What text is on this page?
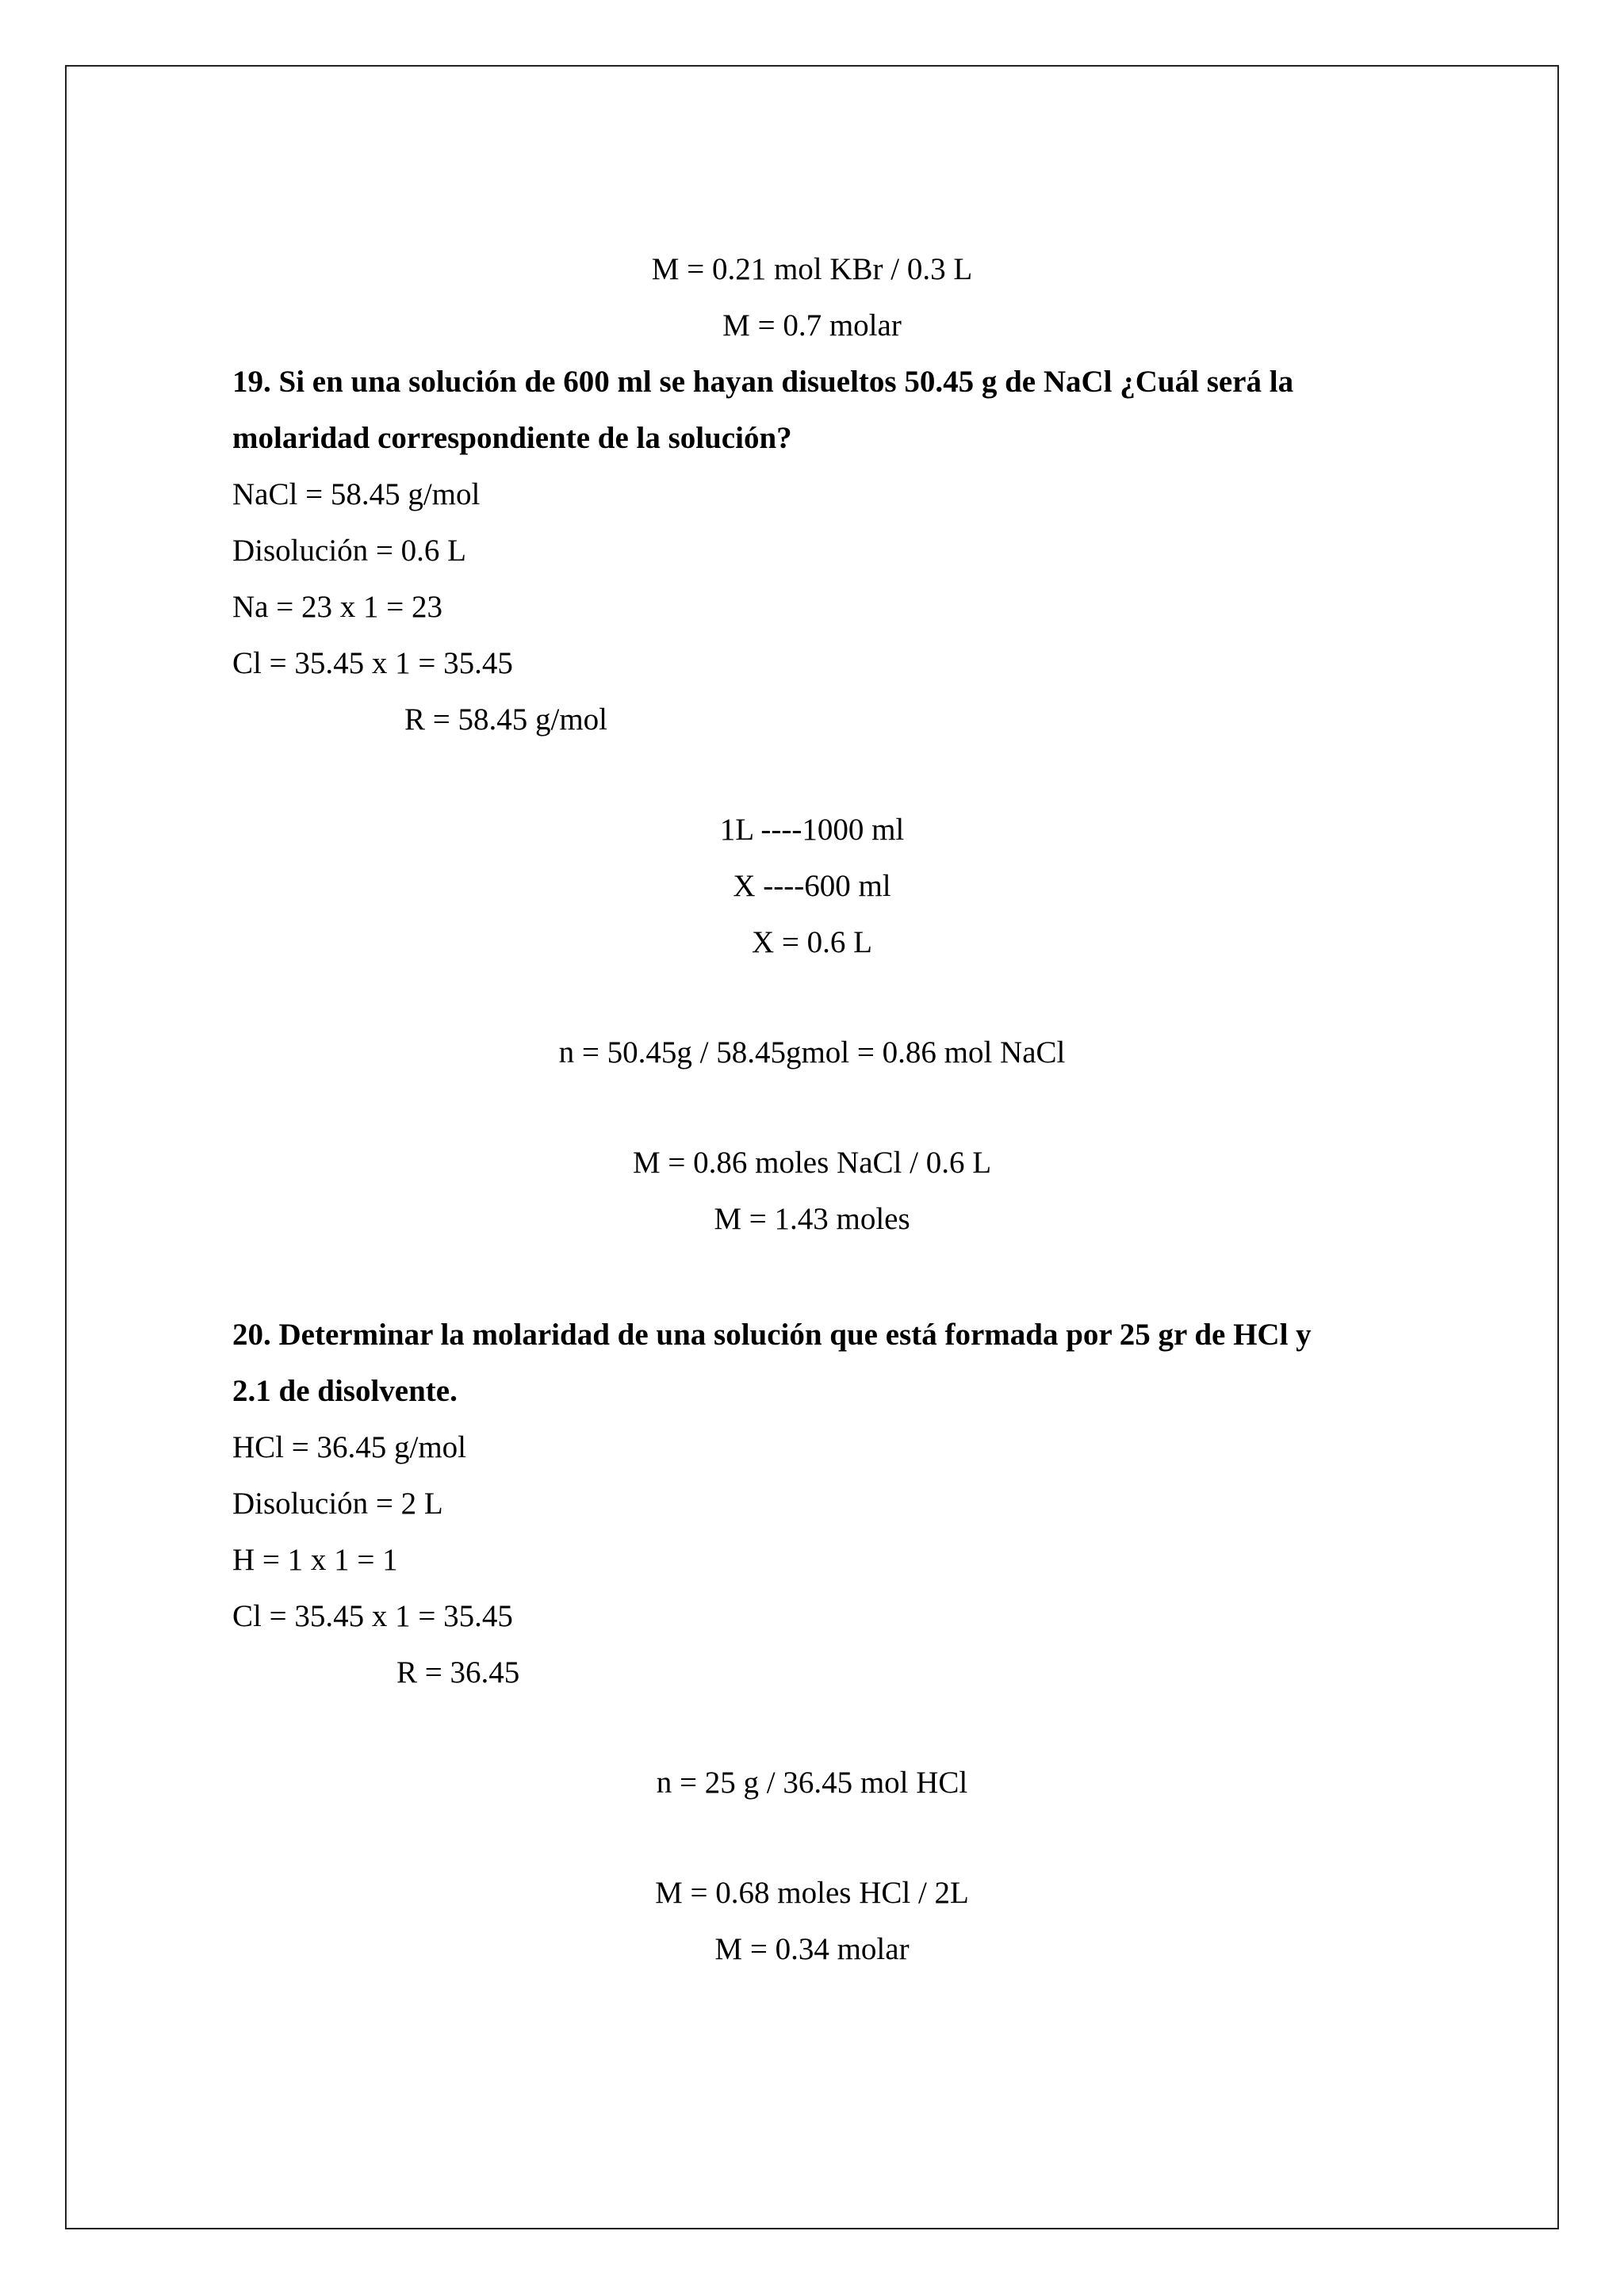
M = 0.21 mol KBr / 0.3 L
M = 0.7 molar
19. Si en una solución de 600 ml se hayan disueltos 50.45 g de NaCl ¿Cuál será la
molaridad correspondiente de la solución?
NaCl = 58.45 g/mol
Disolución = 0.6 L
Na = 23 x 1 = 23
Cl = 35.45 x 1 = 35.45
R = 58.45 g/mol
1L ----1000 ml
X ----600 ml
X = 0.6 L
n = 50.45g / 58.45gmol = 0.86 mol NaCl
M = 0.86 moles NaCl / 0.6 L
M = 1.43 moles
20. Determinar la molaridad de una solución que está formada por 25 gr de HCl y
2.1 de disolvente.
HCl = 36.45 g/mol
Disolución = 2 L
H = 1 x 1 = 1
Cl = 35.45 x 1 = 35.45
R = 36.45
n = 25 g / 36.45 mol HCl
M = 0.68 moles HCl / 2L
M = 0.34 molar
